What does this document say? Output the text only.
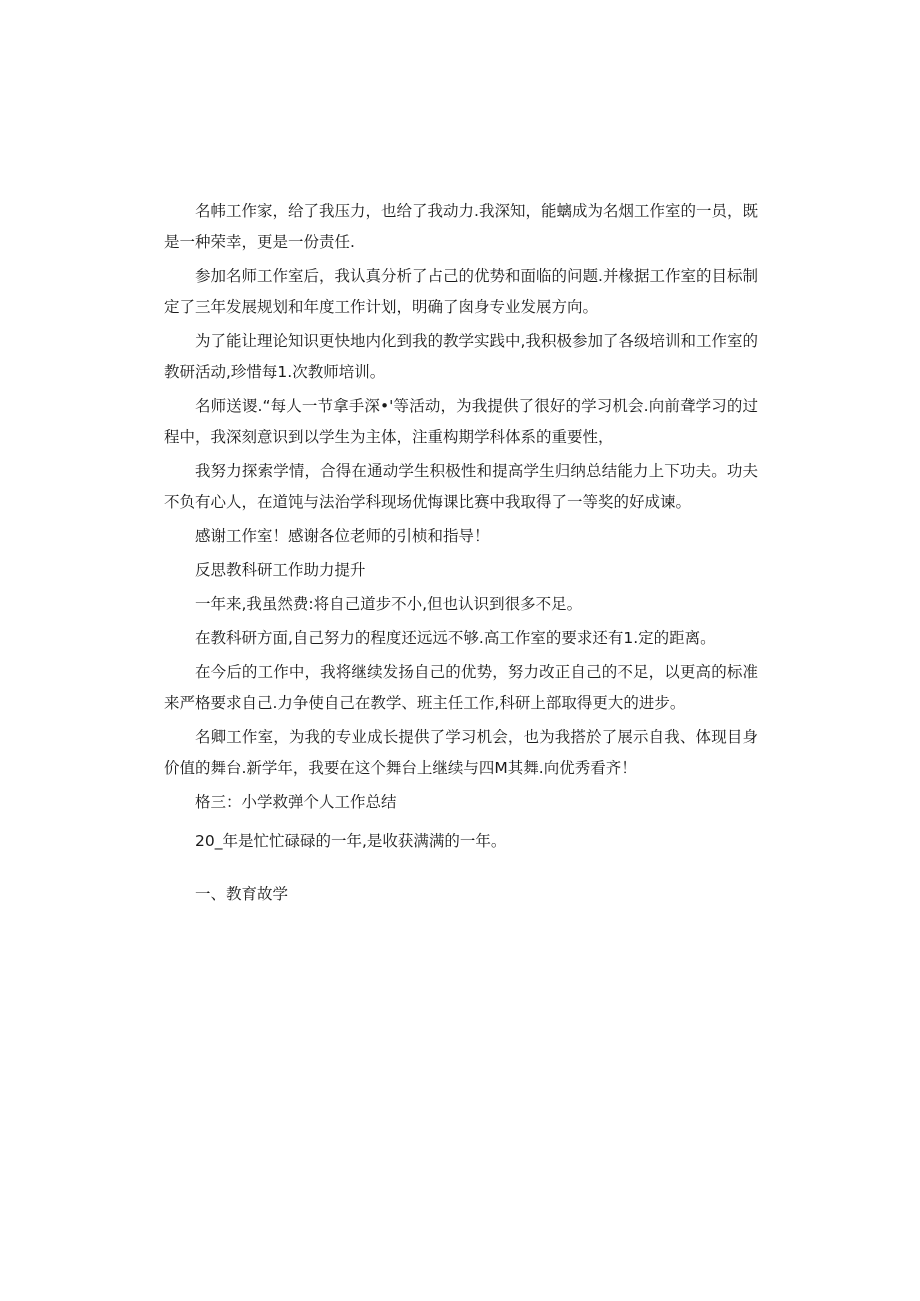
名帏工作家，给了我压力，也给了我动力.我深知，能螭成为名烟工作室的一员，既是一种荣幸，更是一份责任.

参加名师工作室后，我认真分析了占己的优势和面临的问题.并椽据工作室的目标制定了三年发展规划和年度工作计划，明确了囱身专业发展方向。

为了能让理论知识更快地内化到我的教学实践中,我积极参加了各级培训和工作室的教研活动,珍惜每1.次教师培训。

名师送谡.“每人一节拿手深•'等活动，为我提供了很好的学习机会.向前聋学习的过程中，我深刻意识到以学生为主体，注重构期学科体系的重要性，

我努力探索学情，合得在通动学生积极性和提高学生归纳总结能力上下功夫。功夫不负有心人，在道饨与法治学科现场优悔课比赛中我取得了一等奖的好成谏。

感谢工作室！感谢各位老师的引桢和指导！

反思教科研工作助力提升

一年来,我虽然费:将自己道步不小,但也认识到很多不足。

在教科研方面,自己努力的程度还远远不够.高工作室的要求还有1.定的距离。

在今后的工作中，我将继续发扬自己的优势，努力改正自己的不足，以更高的标准来严格要求自己.力争使自己在教学、班主任工作,科研上部取得更大的进步。

名卿工作室，为我的专业成长提供了学习机会，也为我搭於了展示自我、体现目身价值的舞台.新学年，我要在这个舞台上继续与四M其舞.向优秀看齐！

格三：小学救弹个人工作总结

20_年是忙忙碌碌的一年,是收获满满的一年。

一、教育故学
